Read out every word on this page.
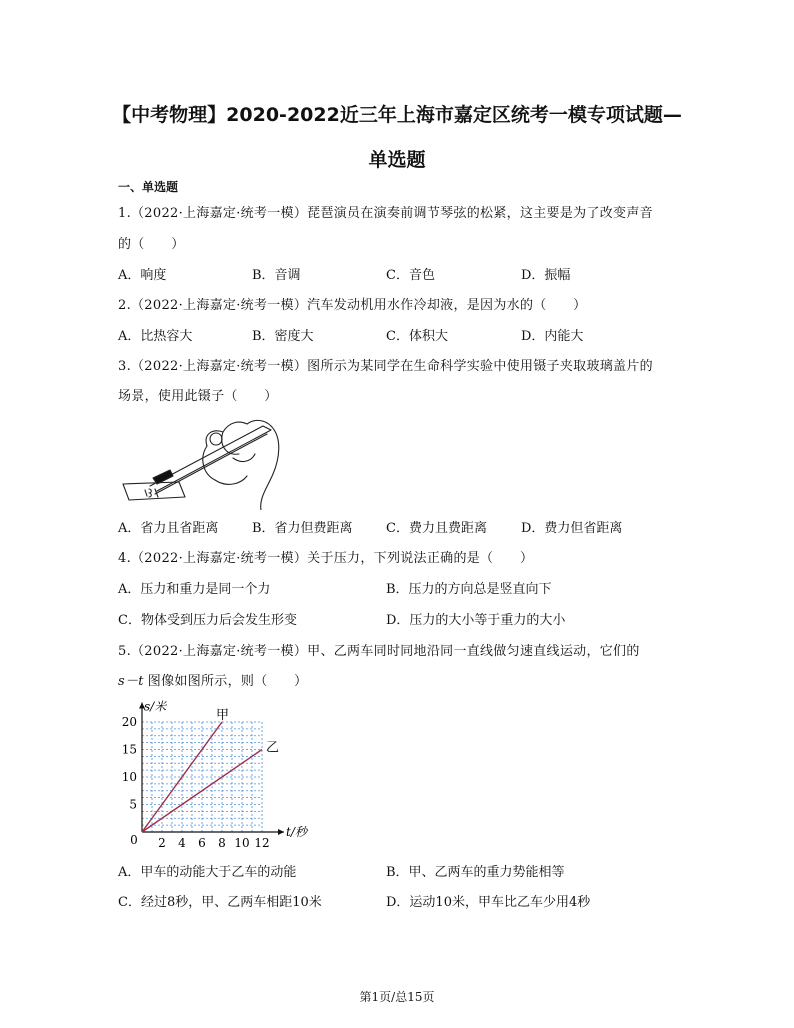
【中考物理】2020-2022近三年上海市嘉定区统考一模专项试题—
单选题
一、单选题
1.（2022·上海嘉定·统考一模）琵琶演员在演奏前调节琴弦的松紧，这主要是为了改变声音
的（　　）
A．响度	B．音调	C．音色	D．振幅
2.（2022·上海嘉定·统考一模）汽车发动机用水作冷却液，是因为水的（　　）
A．比热容大	B．密度大	C．体积大	D．内能大
3.（2022·上海嘉定·统考一模）图所示为某同学在生命科学实验中使用镊子夹取玻璃盖片的
场景，使用此镊子（　　）
A．省力且省距离	B．省力但费距离	C．费力且费距离	D．费力但省距离
4.（2022·上海嘉定·统考一模）关于压力，下列说法正确的是（　　）
A．压力和重力是同一个力	B．压力的方向总是竖直向下
C．物体受到压力后会发生形变	D．压力的大小等于重力的大小
5.（2022·上海嘉定·统考一模）甲、乙两车同时同地沿同一直线做匀速直线运动，它们的
s－t 图像如图所示，则（　　）
2 4 6 8 10 12
5
10
15
20
0
s/米
t/秒
甲
乙
A．甲车的动能大于乙车的动能	B．甲、乙两车的重力势能相等
C．经过8秒，甲、乙两车相距10米	D．运动10米，甲车比乙车少用4秒
第1页/总15页
